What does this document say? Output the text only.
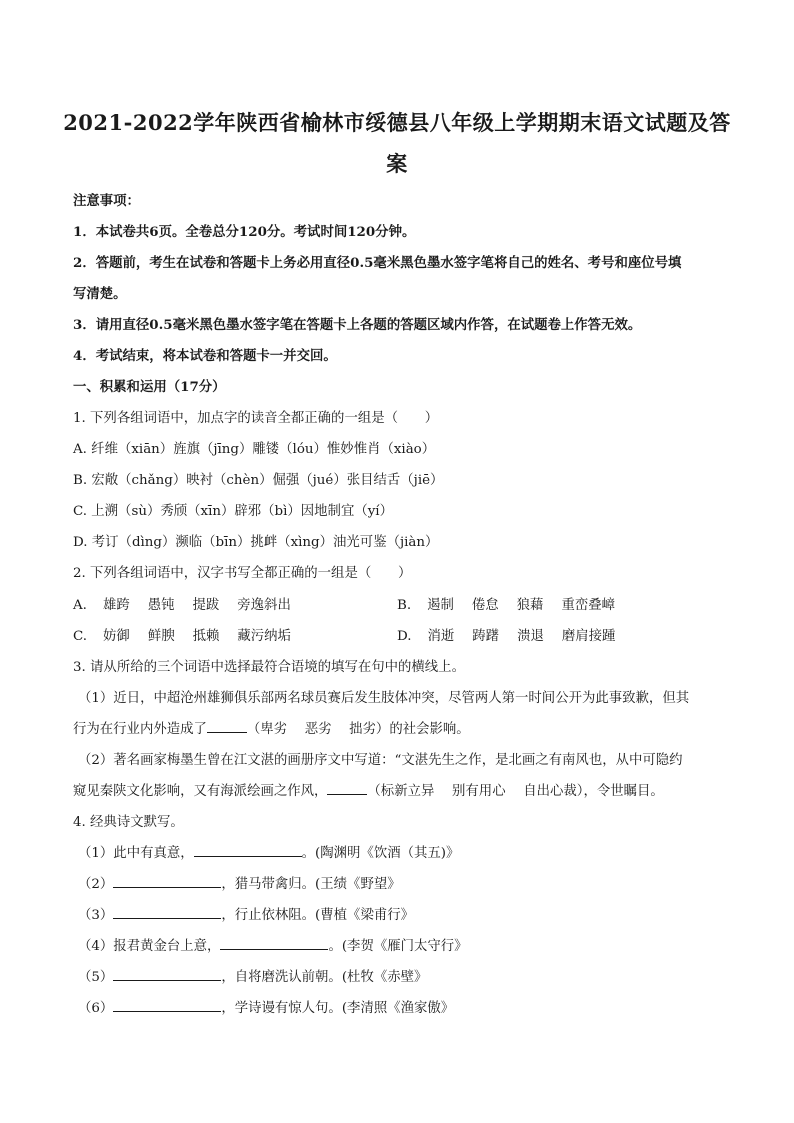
2021-2022学年陕西省榆林市绥德县八年级上学期期末语文试题及答
案
注意事项：
1．本试卷共6页。全卷总分120分。考试时间120分钟。
2．答题前，考生在试卷和答题卡上务必用直径0.5毫米黑色墨水签字笔将自己的姓名、考号和座位号填
写清楚。
3．请用直径0.5毫米黑色墨水签字笔在答题卡上各题的答题区域内作答，在试题卷上作答无效。
4．考试结束，将本试卷和答题卡一并交回。
一、积累和运用（17分）
1. 下列各组词语中，加点字的读音全都正确的一组是（　　）
A. 纤维（xiān）旌旗（jīng）雕镂（lóu）惟妙惟肖（xiào）
B. 宏敞（chǎng）映衬（chèn）倔强（jué）张目结舌（jiē）
C. 上溯（sù）秀颀（xīn）辟邪（bì）因地制宜（yí）
D. 考订（dìng）濒临（bīn）挑衅（xìng）油光可鉴（jiàn）
2. 下列各组词语中，汉字书写全都正确的一组是（　　）
A. 雄跨 愚钝 提跋 旁逸斜出	B. 遏制 倦怠 狼藉 重峦叠嶂
C. 妨御 鲜腴 抵赖 藏污纳垢	D. 消逝 踌躇 溃退 磨肩接踵
3. 请从所给的三个词语中选择最符合语境的填写在句中的横线上。
（1）近日，中超沧州雄狮俱乐部两名球员赛后发生肢体冲突，尽管两人第一时间公开为此事致歉，但其
行为在行业内外造成了	（卑劣　 恶劣　 拙劣）的社会影响。
（2）著名画家梅墨生曾在江文湛的画册序文中写道：“文湛先生之作，是北画之有南风也，从中可隐约
窥见秦陕文化影响，又有海派绘画之作风，	（标新立异　 别有用心　 自出心裁），令世瞩目。
4. 经典诗文默写。
（1）此中有真意，	。(陶渊明《饮酒（其五)》
（2）	，猎马带禽归。(王绩《野望》
（3）	，行止依林阻。(曹植《梁甫行》
（4）报君黄金台上意，	。(李贺《雁门太守行》
（5）	，自将磨洗认前朝。(杜牧《赤壁》
（6）	，学诗谩有惊人句。(李清照《渔家傲》
